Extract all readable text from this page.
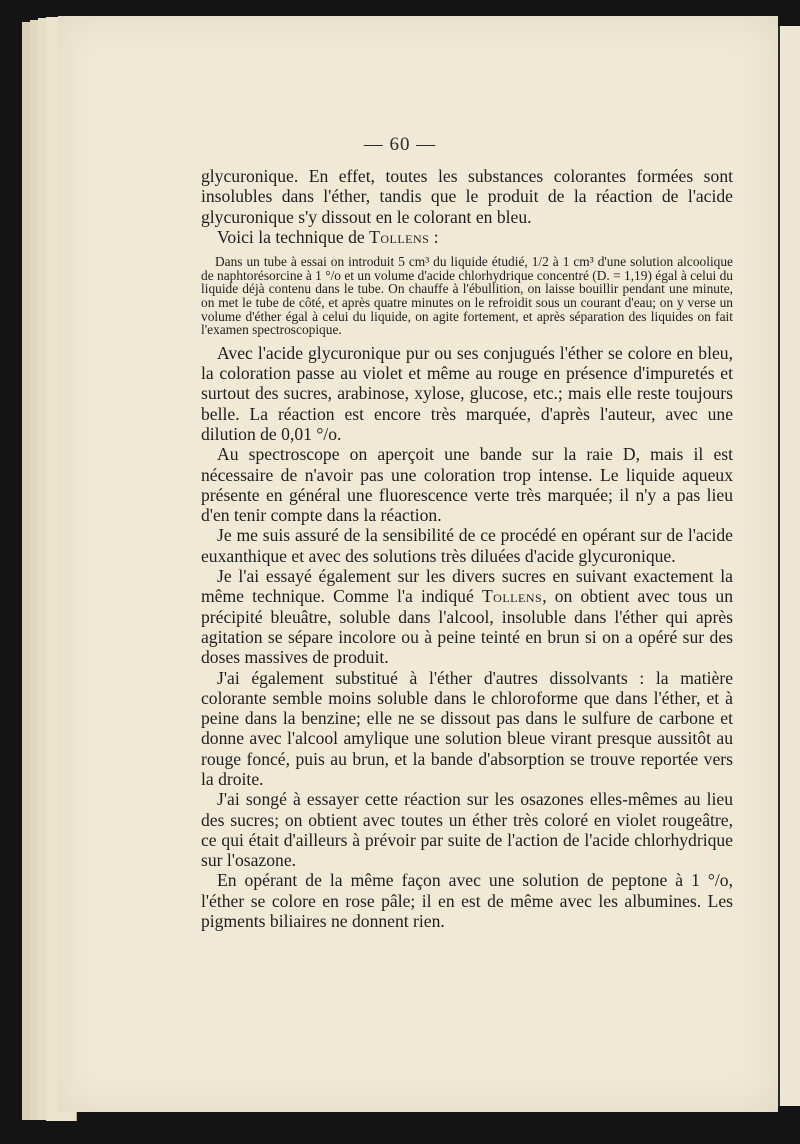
— 60 —

glycuronique. En effet, toutes les substances colorantes formées sont insolubles dans l'éther, tandis que le produit de la réaction de l'acide glycuronique s'y dissout en le colorant en bleu.

Voici la technique de Tollens :

Dans un tube à essai on introduit 5 cm³ du liquide étudié, 1/2 à 1 cm³ d'une solution alcoolique de naphtorésorcine à 1 °/o et un volume d'acide chlorhydrique concentré (D. = 1,19) égal à celui du liquide déjà contenu dans le tube. On chauffe à l'ébullition, on laisse bouillir pendant une minute, on met le tube de côté, et après quatre minutes on le refroidit sous un courant d'eau; on y verse un volume d'éther égal à celui du liquide, on agite fortement, et après séparation des liquides on fait l'examen spectroscopique.

Avec l'acide glycuronique pur ou ses conjugués l'éther se colore en bleu, la coloration passe au violet et même au rouge en présence d'impuretés et surtout des sucres, arabinose, xylose, glucose, etc.; mais elle reste toujours belle. La réaction est encore très marquée, d'après l'auteur, avec une dilution de 0,01 °/o.

Au spectroscope on aperçoit une bande sur la raie D, mais il est nécessaire de n'avoir pas une coloration trop intense. Le liquide aqueux présente en général une fluorescence verte très marquée; il n'y a pas lieu d'en tenir compte dans la réaction.

Je me suis assuré de la sensibilité de ce procédé en opérant sur de l'acide euxanthique et avec des solutions très diluées d'acide glycuronique.

Je l'ai essayé également sur les divers sucres en suivant exactement la même technique. Comme l'a indiqué Tollens, on obtient avec tous un précipité bleuâtre, soluble dans l'alcool, insoluble dans l'éther qui après agitation se sépare incolore ou à peine teinté en brun si on a opéré sur des doses massives de produit.

J'ai également substitué à l'éther d'autres dissolvants : la matière colorante semble moins soluble dans le chloroforme que dans l'éther, et à peine dans la benzine; elle ne se dissout pas dans le sulfure de carbone et donne avec l'alcool amylique une solution bleue virant presque aussitôt au rouge foncé, puis au brun, et la bande d'absorption se trouve reportée vers la droite.

J'ai songé à essayer cette réaction sur les osazones elles-mêmes au lieu des sucres; on obtient avec toutes un éther très coloré en violet rougeâtre, ce qui était d'ailleurs à prévoir par suite de l'action de l'acide chlorhydrique sur l'osazone.

En opérant de la même façon avec une solution de peptone à 1 °/o, l'éther se colore en rose pâle; il en est de même avec les albumines. Les pigments biliaires ne donnent rien.
